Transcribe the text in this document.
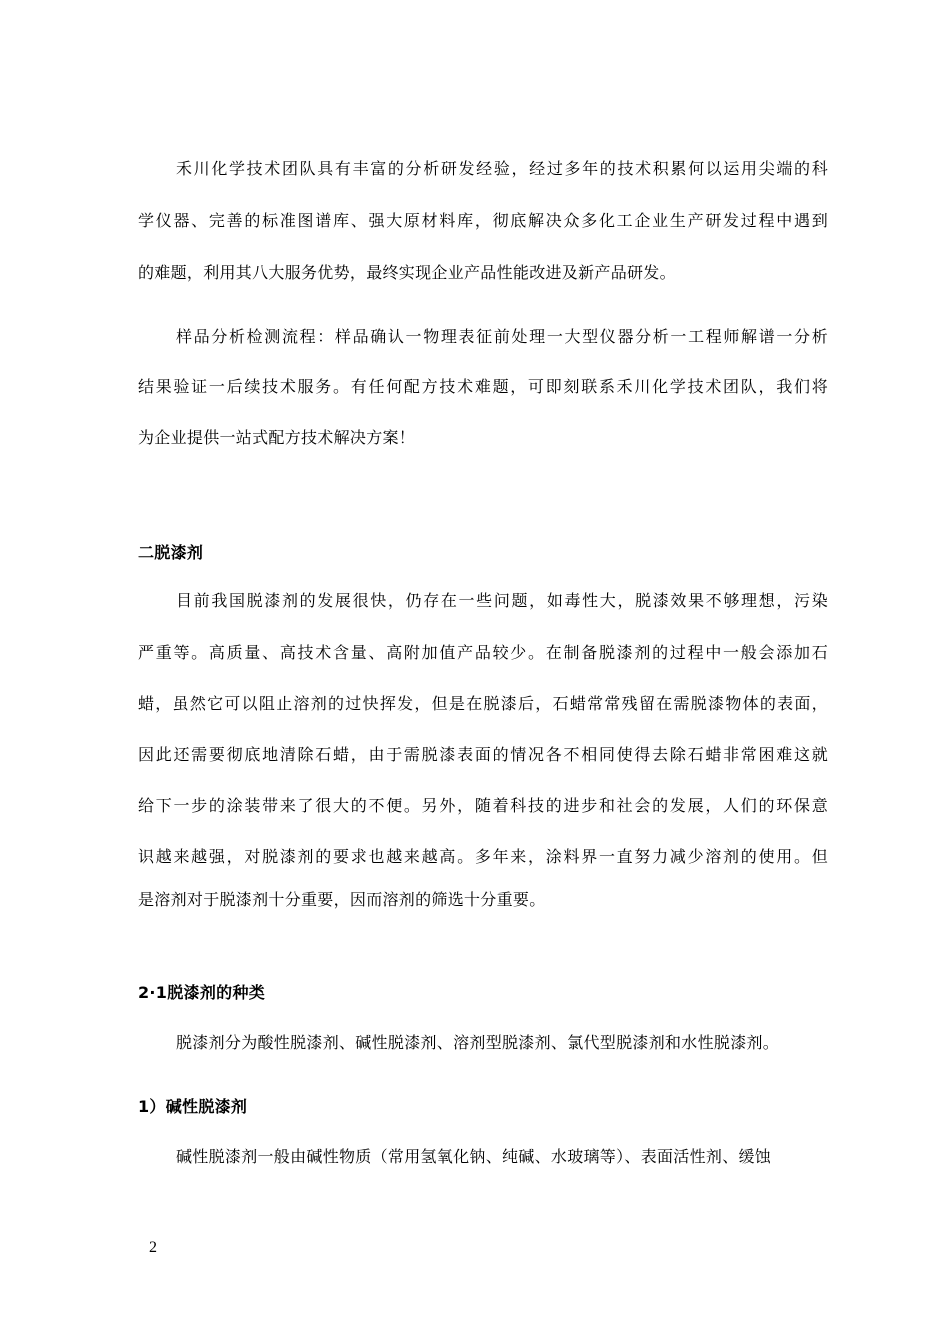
禾川化学技术团队具有丰富的分析研发经验，经过多年的技术积累何以运用尖端的科
学仪器、完善的标准图谱库、强大原材料库，彻底解决众多化工企业生产研发过程中遇到
的难题，利用其八大服务优势，最终实现企业产品性能改进及新产品研发。
样品分析检测流程：样品确认一物理表征前处理一大型仪器分析一工程师解谱一分析
结果验证一后续技术服务。有任何配方技术难题，可即刻联系禾川化学技术团队，我们将
为企业提供一站式配方技术解决方案！
二脱漆剂
目前我国脱漆剂的发展很快，仍存在一些问题，如毒性大，脱漆效果不够理想，污染
严重等。高质量、高技术含量、高附加值产品较少。在制备脱漆剂的过程中一般会添加石
蜡，虽然它可以阻止溶剂的过快挥发，但是在脱漆后，石蜡常常残留在需脱漆物体的表面，
因此还需要彻底地清除石蜡，由于需脱漆表面的情况各不相同使得去除石蜡非常困难这就
给下一步的涂装带来了很大的不便。另外，随着科技的进步和社会的发展，人们的环保意
识越来越强，对脱漆剂的要求也越来越高。多年来，涂料界一直努力减少溶剂的使用。但
是溶剂对于脱漆剂十分重要，因而溶剂的筛选十分重要。
2·1脱漆剂的种类
脱漆剂分为酸性脱漆剂、碱性脱漆剂、溶剂型脱漆剂、氯代型脱漆剂和水性脱漆剂。
1）碱性脱漆剂
碱性脱漆剂一般由碱性物质（常用氢氧化钠、纯碱、水玻璃等）、表面活性剂、缓蚀
2
